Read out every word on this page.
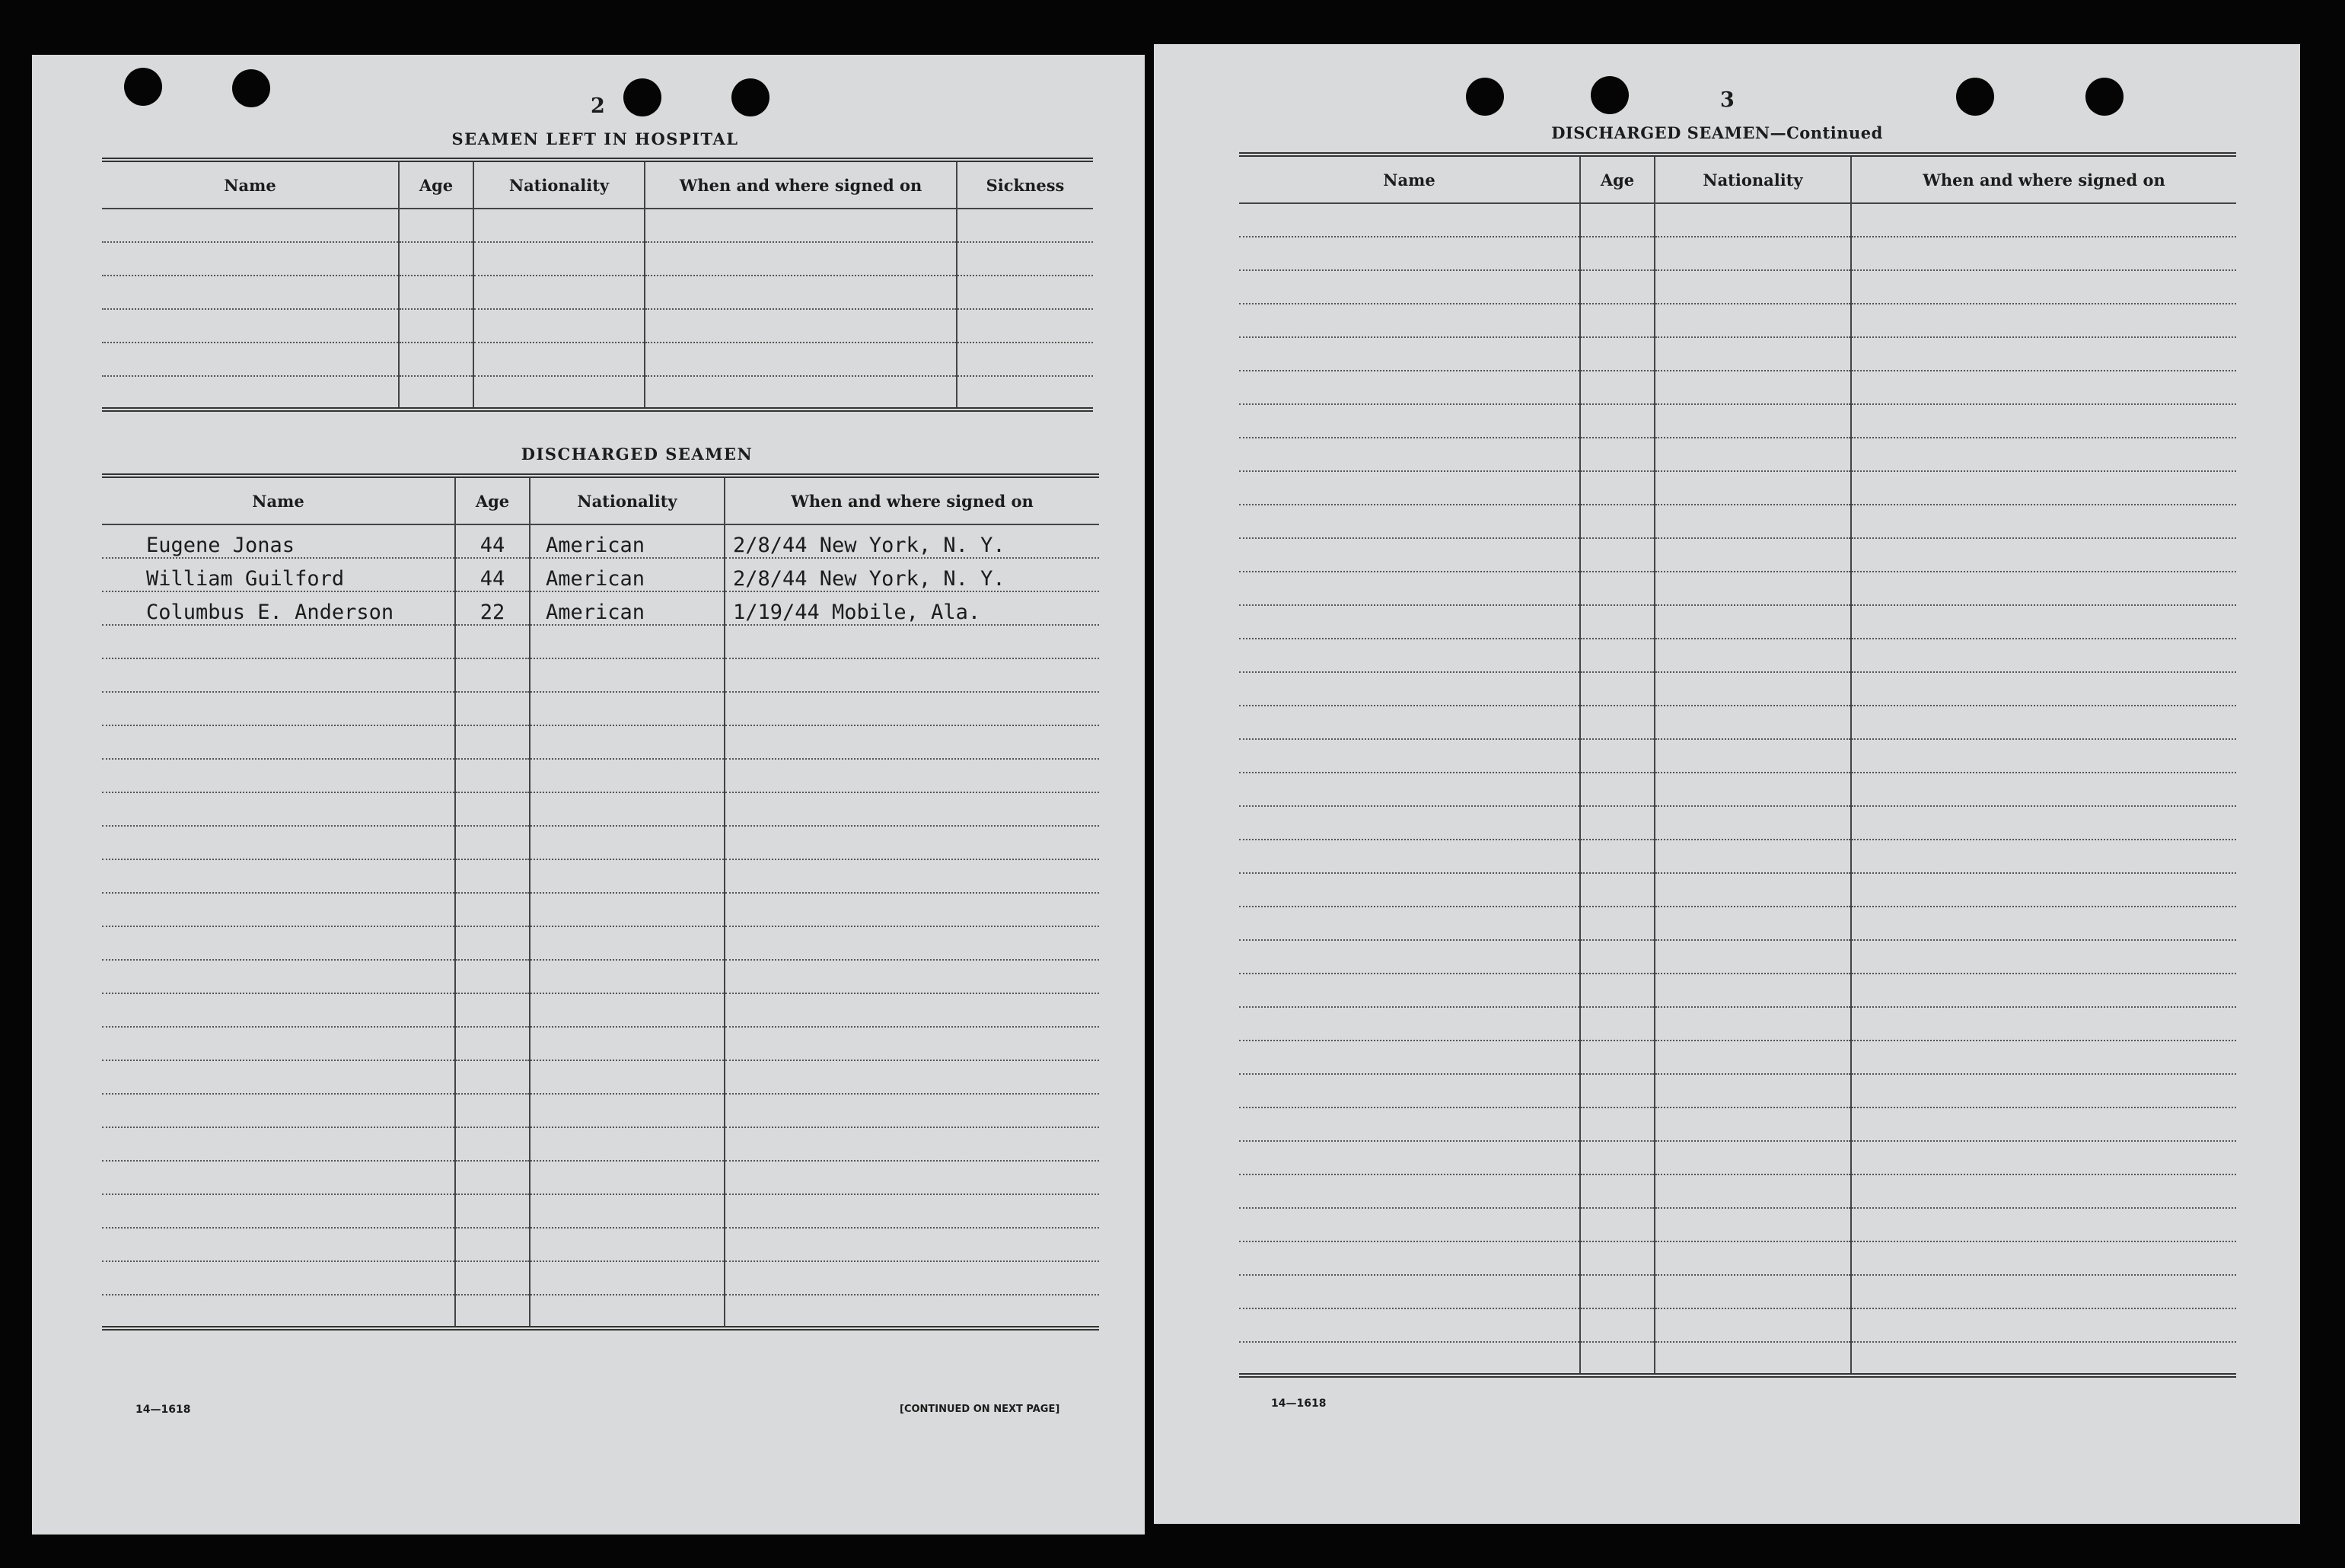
2
SEAMEN LEFT IN HOSPITAL
Name	Age	Nationality	When and where signed on	Sickness

DISCHARGED SEAMEN
Name	Age	Nationality	When and where signed on
Eugene Jonas	44	American	2/8/44 New York, N. Y.
William Guilford	44	American	2/8/44 New York, N. Y.
Columbus E. Anderson	22	American	1/19/44 Mobile, Ala.

14—1618	[CONTINUED ON NEXT PAGE]
3
DISCHARGED SEAMEN—Continued
Name	Age	Nationality	When and where signed on

14—1618
